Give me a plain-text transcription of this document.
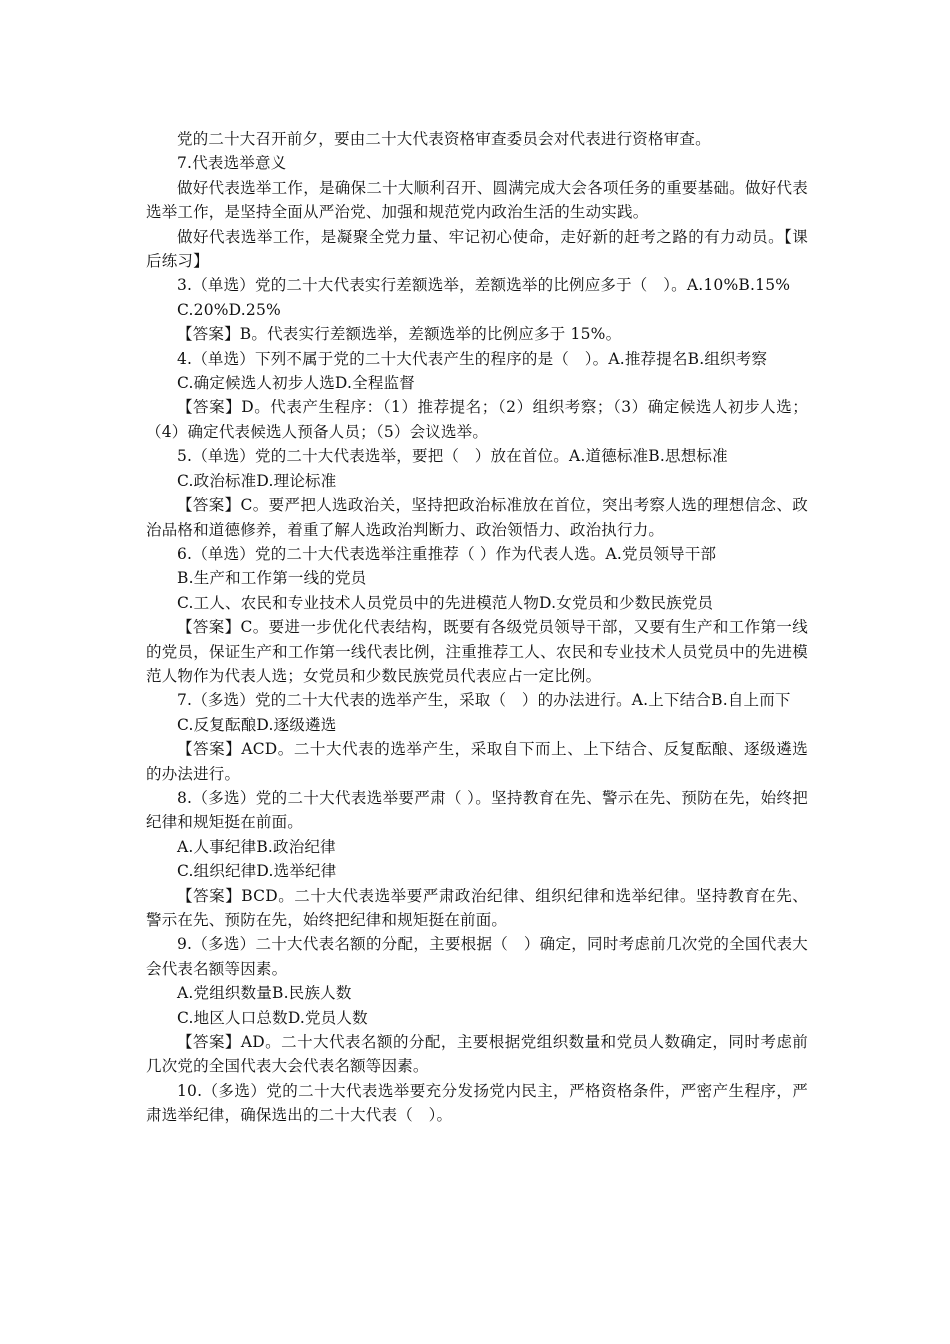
党的二十大召开前夕，要由二十大代表资格审查委员会对代表进行资格审查。

7.代表选举意义

做好代表选举工作，是确保二十大顺利召开、圆满完成大会各项任务的重要基础。做好代表选举工作，是坚持全面从严治党、加强和规范党内政治生活的生动实践。

做好代表选举工作，是凝聚全党力量、牢记初心使命，走好新的赶考之路的有力动员。【课后练习】

3.（单选）党的二十大代表实行差额选举，差额选举的比例应多于（　）。A.10%B.15%

C.20%D.25%

【答案】B。代表实行差额选举，差额选举的比例应多于 15%。

4.（单选）下列不属于党的二十大代表产生的程序的是（　）。A.推荐提名B.组织考察

C.确定候选人初步人选D.全程监督

【答案】D。代表产生程序：（1）推荐提名；（2）组织考察；（3）确定候选人初步人选；（4）确定代表候选人预备人员；（5）会议选举。

5.（单选）党的二十大代表选举，要把（　）放在首位。A.道德标准B.思想标准

C.政治标准D.理论标准

【答案】C。要严把人选政治关，坚持把政治标准放在首位，突出考察人选的理想信念、政治品格和道德修养，着重了解人选政治判断力、政治领悟力、政治执行力。

6.（单选）党的二十大代表选举注重推荐（ ）作为代表人选。A.党员领导干部

B.生产和工作第一线的党员

C.工人、农民和专业技术人员党员中的先进模范人物D.女党员和少数民族党员

【答案】C。要进一步优化代表结构，既要有各级党员领导干部，又要有生产和工作第一线的党员，保证生产和工作第一线代表比例，注重推荐工人、农民和专业技术人员党员中的先进模范人物作为代表人选；女党员和少数民族党员代表应占一定比例。

7.（多选）党的二十大代表的选举产生，采取（　）的办法进行。A.上下结合B.自上而下

C.反复酝酿D.逐级遴选

【答案】ACD。二十大代表的选举产生，采取自下而上、上下结合、反复酝酿、逐级遴选的办法进行。

8.（多选）党的二十大代表选举要严肃（ ）。坚持教育在先、警示在先、预防在先，始终把纪律和规矩挺在前面。

A.人事纪律B.政治纪律

C.组织纪律D.选举纪律

【答案】BCD。二十大代表选举要严肃政治纪律、组织纪律和选举纪律。坚持教育在先、警示在先、预防在先，始终把纪律和规矩挺在前面。

9.（多选）二十大代表名额的分配，主要根据（　）确定，同时考虑前几次党的全国代表大会代表名额等因素。

A.党组织数量B.民族人数

C.地区人口总数D.党员人数

【答案】AD。二十大代表名额的分配，主要根据党组织数量和党员人数确定，同时考虑前几次党的全国代表大会代表名额等因素。

10.（多选）党的二十大代表选举要充分发扬党内民主，严格资格条件，严密产生程序，严肃选举纪律，确保选出的二十大代表（　）。
